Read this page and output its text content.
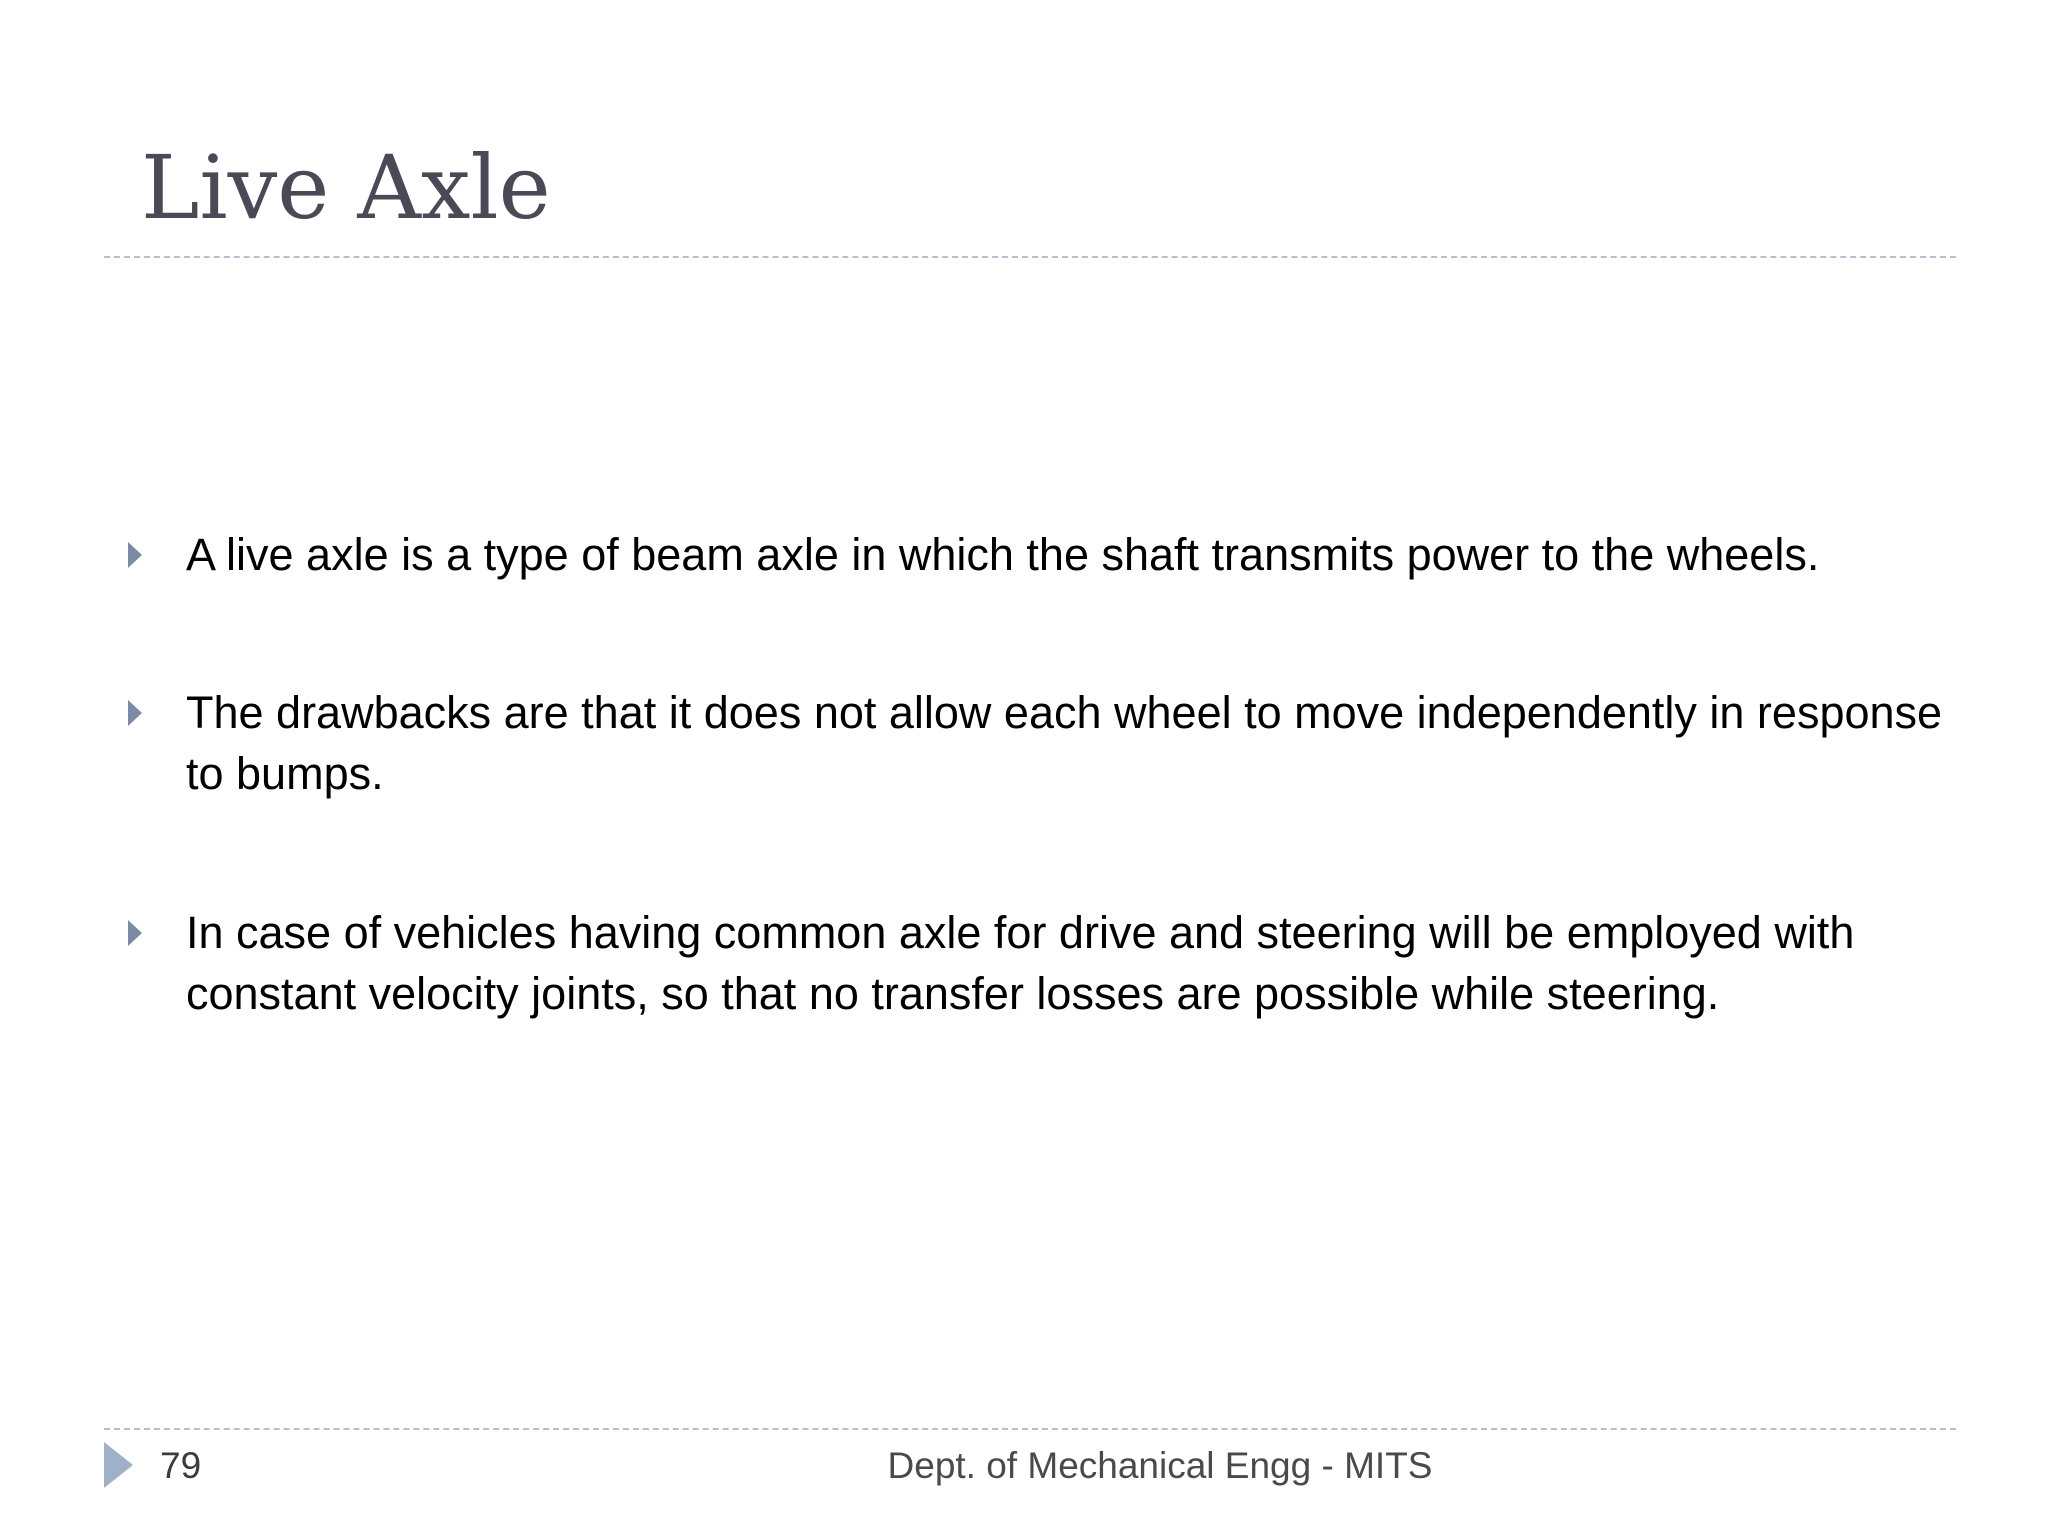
Live Axle
A live axle is a type of beam axle in which the shaft transmits power to the wheels.
The drawbacks are that it does not allow each wheel to move independently in response to bumps.
In case of vehicles having common axle for drive and steering will be employed with constant velocity joints, so that no transfer losses are possible while steering.
79	Dept. of Mechanical Engg - MITS
